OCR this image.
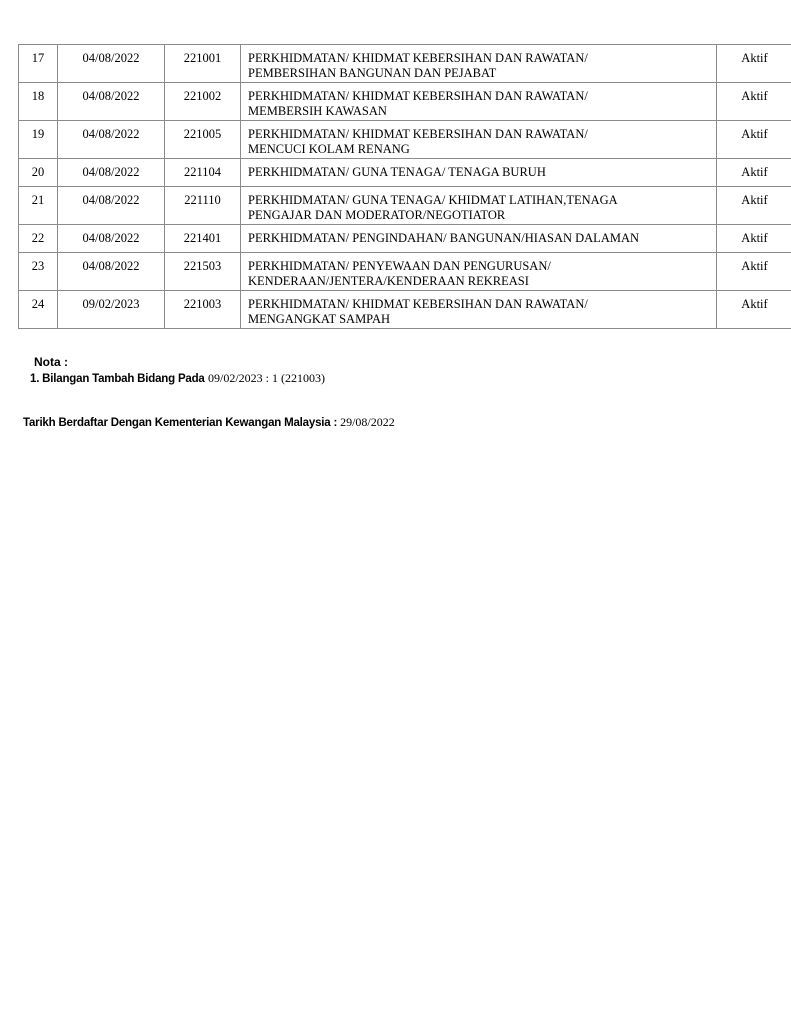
17	04/08/2022	221001	PERKHIDMATAN/ KHIDMAT KEBERSIHAN DAN RAWATAN/
PEMBERSIHAN BANGUNAN DAN PEJABAT	Aktif
18	04/08/2022	221002	PERKHIDMATAN/ KHIDMAT KEBERSIHAN DAN RAWATAN/
MEMBERSIH KAWASAN	Aktif
19	04/08/2022	221005	PERKHIDMATAN/ KHIDMAT KEBERSIHAN DAN RAWATAN/
MENCUCI KOLAM RENANG	Aktif
20	04/08/2022	221104	PERKHIDMATAN/ GUNA TENAGA/ TENAGA BURUH	Aktif
21	04/08/2022	221110	PERKHIDMATAN/ GUNA TENAGA/ KHIDMAT LATIHAN,TENAGA
PENGAJAR DAN MODERATOR/NEGOTIATOR	Aktif
22	04/08/2022	221401	PERKHIDMATAN/ PENGINDAHAN/ BANGUNAN/HIASAN DALAMAN	Aktif
23	04/08/2022	221503	PERKHIDMATAN/ PENYEWAAN DAN PENGURUSAN/
KENDERAAN/JENTERA/KENDERAAN REKREASI	Aktif
24	09/02/2023	221003	PERKHIDMATAN/ KHIDMAT KEBERSIHAN DAN RAWATAN/
MENGANGKAT SAMPAH	Aktif
Nota :
1. Bilangan Tambah Bidang Pada 09/02/2023 : 1 (221003)
Tarikh Berdaftar Dengan Kementerian Kewangan Malaysia : 29/08/2022
